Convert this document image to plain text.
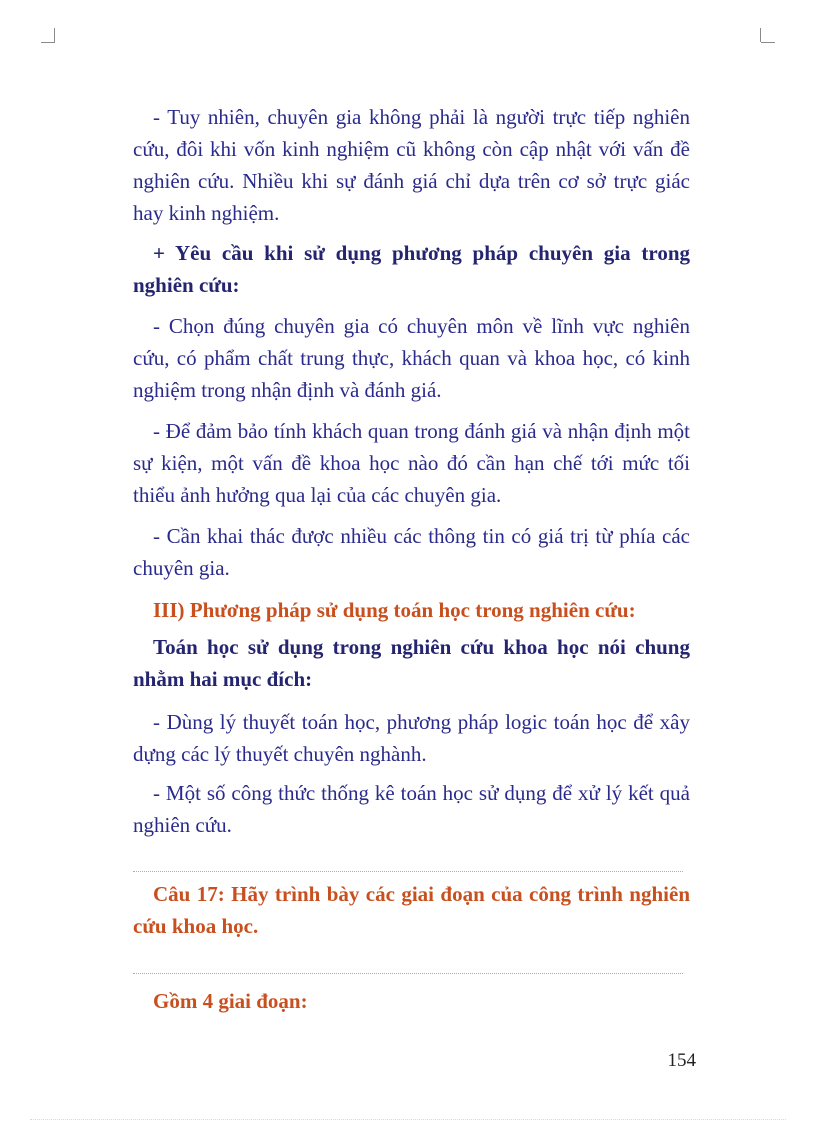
- Tuy nhiên, chuyên gia không phải là người trực tiếp nghiên cứu, đôi khi vốn kinh nghiệm cũ không còn cập nhật với vấn đề nghiên cứu. Nhiều khi sự đánh giá chỉ dựa trên cơ sở trực giác hay kinh nghiệm.

+ Yêu cầu khi sử dụng phương pháp chuyên gia trong nghiên cứu:

- Chọn đúng chuyên gia có chuyên môn về lĩnh vực nghiên cứu, có phẩm chất trung thực, khách quan và khoa học, có kinh nghiệm trong nhận định và đánh giá.

- Để đảm bảo tính khách quan trong đánh giá và nhận định một sự kiện, một vấn đề khoa học nào đó cần hạn chế tới mức tối thiểu ảnh hưởng qua lại của các chuyên gia.

- Cần khai thác được nhiều các thông tin có giá trị từ phía các chuyên gia.

III) Phương pháp sử dụng toán học trong nghiên cứu:

Toán học sử dụng trong nghiên cứu khoa học nói chung nhằm hai mục đích:

- Dùng lý thuyết toán học, phương pháp logic toán học để xây dựng các lý thuyết chuyên nghành.

- Một số công thức thống kê toán học sử dụng để xử lý kết quả nghiên cứu.

Câu 17: Hãy trình bày các giai đoạn của công trình nghiên cứu khoa học.

Gồm 4 giai đoạn:

154
